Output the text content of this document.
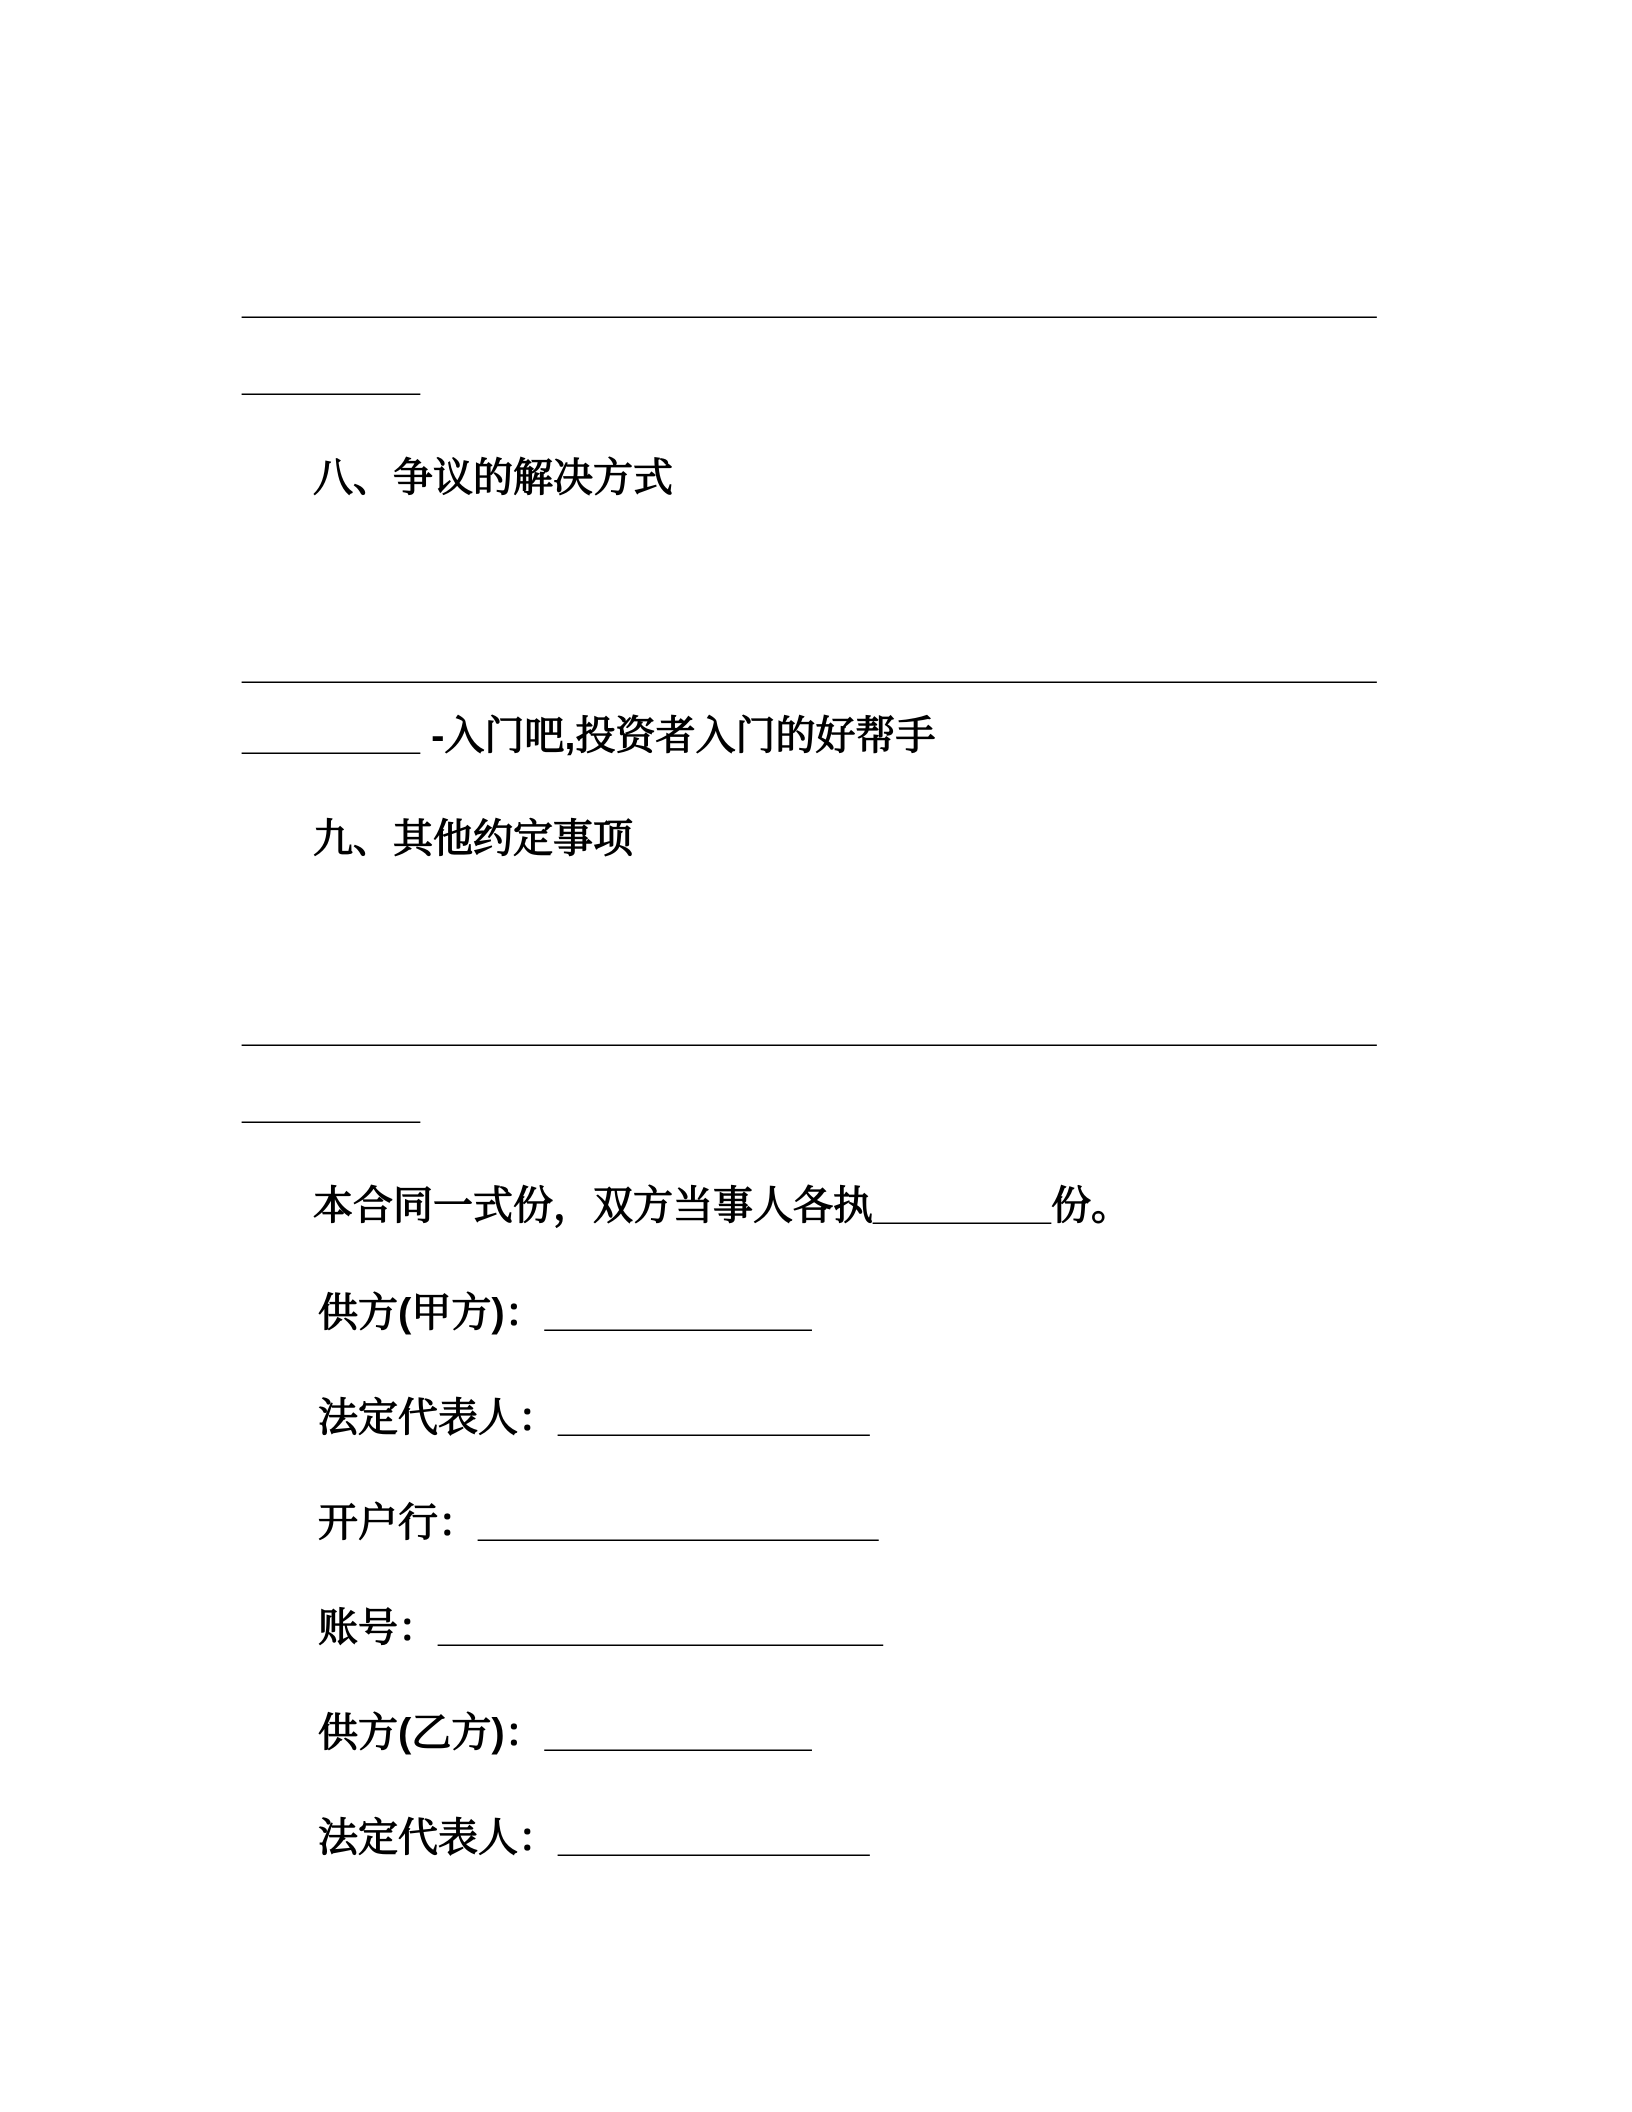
___________________________________________________
________
八、争议的解决方式
___________________________________________________
________ -入门吧,投资者入门的好帮手
九、其他约定事项
___________________________________________________
________
本合同一式份，双方当事人各执________份。
供方(甲方)：____________
法定代表人：______________
开户行：__________________
账号：____________________
供方(乙方)：____________
法定代表人：______________
